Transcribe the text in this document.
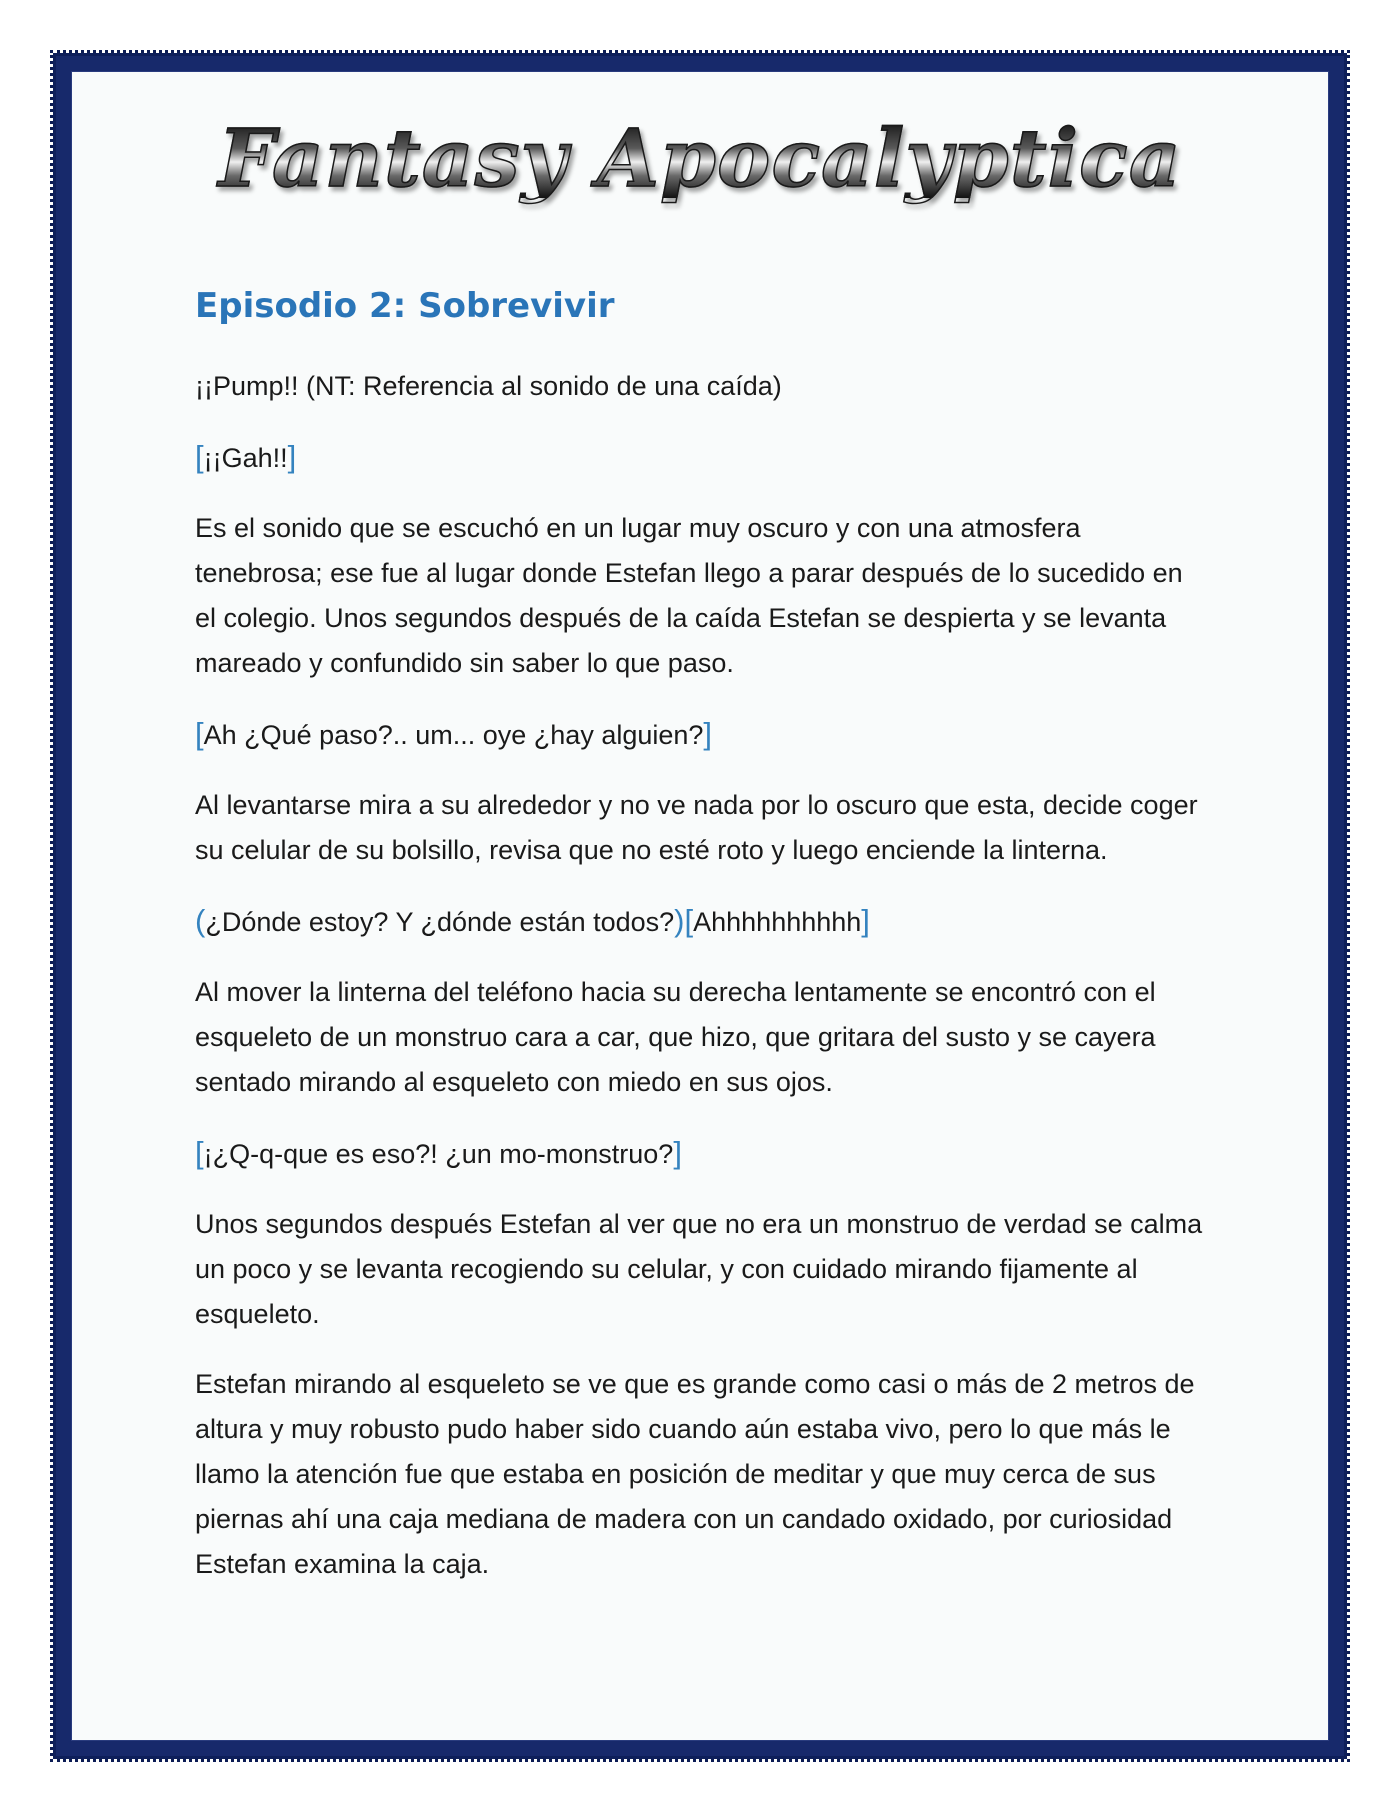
Fantasy Apocalyptica
Episodio 2: Sobrevivir

¡¡Pump!! (NT: Referencia al sonido de una caída)

[¡¡Gah!!]

Es el sonido que se escuchó en un lugar muy oscuro y con una atmosfera tenebrosa; ese fue al lugar donde Estefan llego a parar después de lo sucedido en el colegio. Unos segundos después de la caída Estefan se despierta y se levanta mareado y confundido sin saber lo que paso.

[Ah ¿Qué paso?.. um... oye ¿hay alguien?]

Al levantarse mira a su alrededor y no ve nada por lo oscuro que esta, decide coger su celular de su bolsillo, revisa que no esté roto y luego enciende la linterna.

(¿Dónde estoy? Y ¿dónde están todos?)[Ahhhhhhhhhh]

Al mover la linterna del teléfono hacia su derecha lentamente se encontró con el esqueleto de un monstruo cara a car, que hizo, que gritara del susto y se cayera sentado mirando al esqueleto con miedo en sus ojos.

[¡¿Q-q-que es eso?! ¿un mo-monstruo?]

Unos segundos después Estefan al ver que no era un monstruo de verdad se calma un poco y se levanta recogiendo su celular, y con cuidado mirando fijamente al esqueleto.

Estefan mirando al esqueleto se ve que es grande como casi o más de 2 metros de altura y muy robusto pudo haber sido cuando aún estaba vivo, pero lo que más le llamo la atención fue que estaba en posición de meditar y que muy cerca de sus piernas ahí una caja mediana de madera con un candado oxidado, por curiosidad Estefan examina la caja.
